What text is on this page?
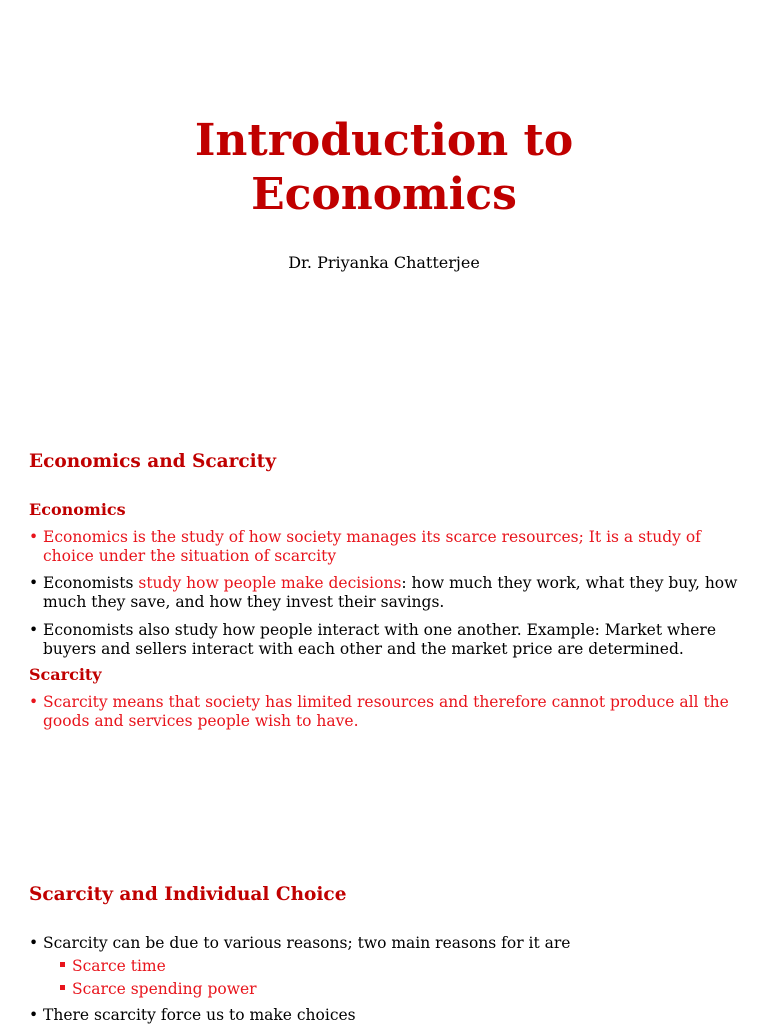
Introduction to
Economics
Dr. Priyanka Chatterjee
Economics and Scarcity
Economics
• Economics is the study of how society manages its scarce resources; It is a study of choice under the situation of scarcity
• Economists study how people make decisions: how much they work, what they buy, how much they save, and how they invest their savings.
• Economists also study how people interact with one another. Example: Market where buyers and sellers interact with each other and the market price are determined.
Scarcity
• Scarcity means that society has limited resources and therefore cannot produce all the goods and services people wish to have.
Scarcity and Individual Choice
• Scarcity can be due to various reasons; two main reasons for it are
Scarce time
Scarce spending power
• There scarcity force us to make choices
